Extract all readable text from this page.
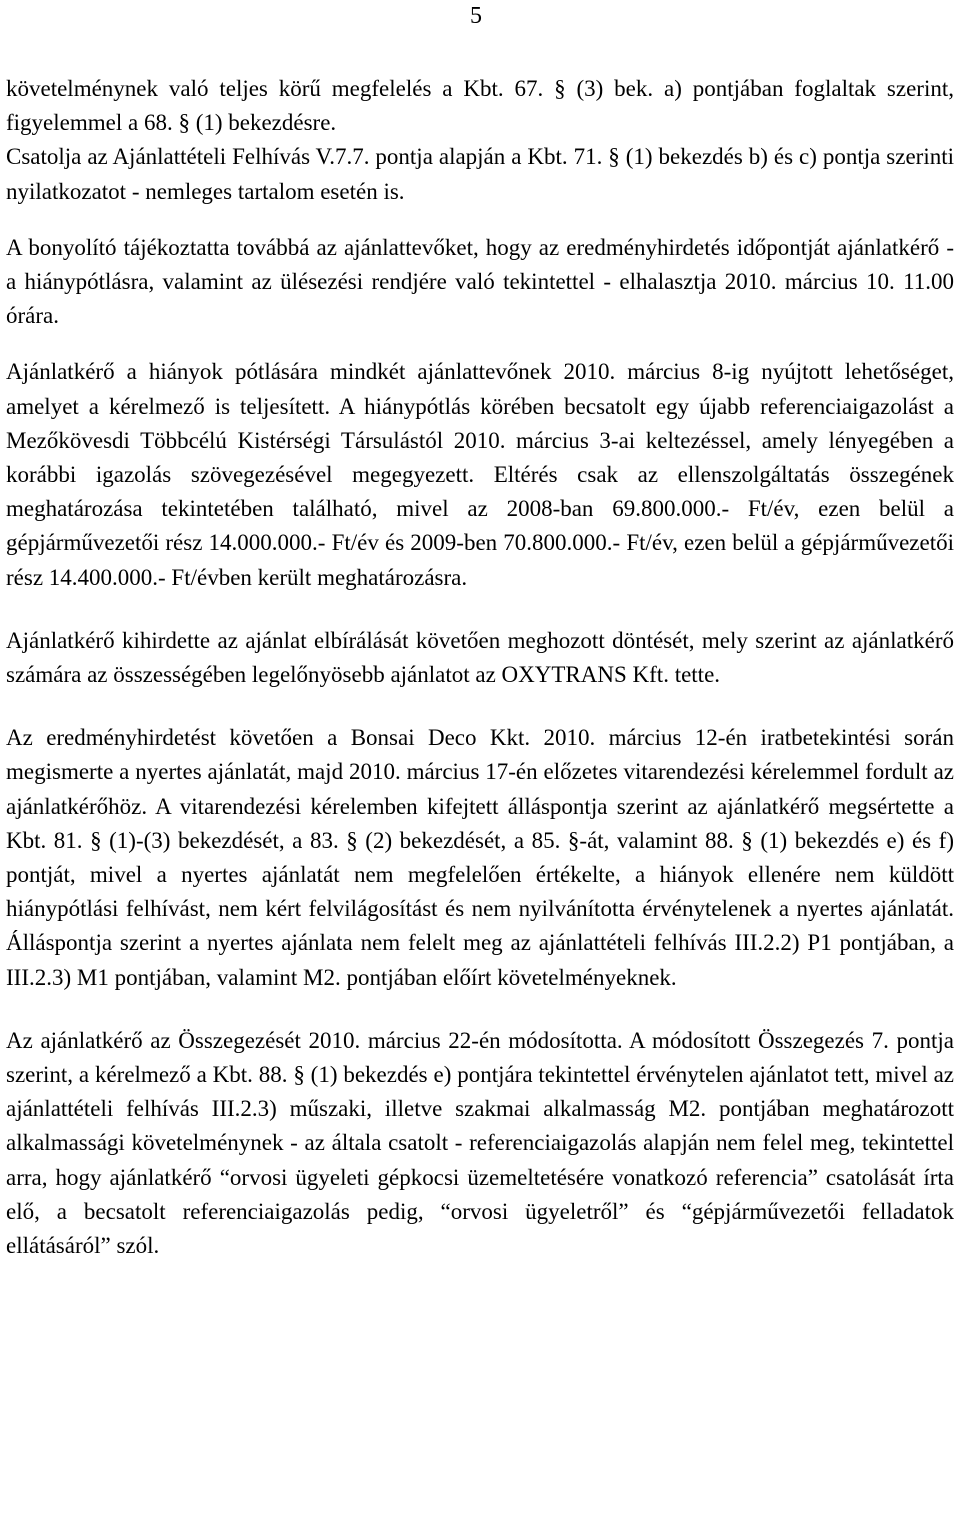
5

követelménynek való teljes körű megfelelés a Kbt. 67. § (3) bek. a) pontjában foglaltak szerint, figyelemmel a 68. § (1) bekezdésre.
Csatolja az Ajánlattételi Felhívás V.7.7. pontja alapján a Kbt. 71. § (1) bekezdés b) és c) pontja szerinti nyilatkozatot - nemleges tartalom esetén is.

A bonyolító tájékoztatta továbbá az ajánlattevőket, hogy az eredményhirdetés időpontját ajánlatkérő - a hiánypótlásra, valamint az ülésezési rendjére való tekintettel - elhalasztja 2010. március 10. 11.00 órára.

Ajánlatkérő a hiányok pótlására mindkét ajánlattevőnek 2010. március 8-ig nyújtott lehetőséget, amelyet a kérelmező is teljesített. A hiánypótlás körében becsatolt egy újabb referenciaigazolást a Mezőkövesdi Többcélú Kistérségi Társulástól 2010. március 3-ai keltezéssel, amely lényegében a korábbi igazolás szövegezésével megegyezett. Eltérés csak az ellenszolgáltatás összegének meghatározása tekintetében található, mivel az 2008-ban 69.800.000.- Ft/év, ezen belül a gépjárművezetői rész 14.000.000.- Ft/év és 2009-ben 70.800.000.- Ft/év, ezen belül a gépjárművezetői rész 14.400.000.- Ft/évben került meghatározásra.

Ajánlatkérő kihirdette az ajánlat elbírálását követően meghozott döntését, mely szerint az ajánlatkérő számára az összességében legelőnyösebb ajánlatot az OXYTRANS Kft. tette.

Az eredményhirdetést követően a Bonsai Deco Kkt. 2010. március 12-én iratbetekintési során megismerte a nyertes ajánlatát, majd 2010. március 17-én előzetes vitarendezési kérelemmel fordult az ajánlatkérőhöz. A vitarendezési kérelemben kifejtett álláspontja szerint az ajánlatkérő megsértette a Kbt. 81. § (1)-(3) bekezdését, a 83. § (2) bekezdését, a 85. §-át, valamint 88. § (1) bekezdés e) és f) pontját, mivel a nyertes ajánlatát nem megfelelően értékelte, a hiányok ellenére nem küldött hiánypótlási felhívást, nem kért felvilágosítást és nem nyilvánította érvénytelenek a nyertes ajánlatát. Álláspontja szerint a nyertes ajánlata nem felelt meg az ajánlattételi felhívás III.2.2) P1 pontjában, a III.2.3) M1 pontjában, valamint M2. pontjában előírt követelményeknek.

Az ajánlatkérő az Összegezését 2010. március 22-én módosította. A módosított Összegezés 7. pontja szerint, a kérelmező a Kbt. 88. § (1) bekezdés e) pontjára tekintettel érvénytelen ajánlatot tett, mivel az ajánlattételi felhívás III.2.3) műszaki, illetve szakmai alkalmasság M2. pontjában meghatározott alkalmassági követelménynek - az általa csatolt - referenciaigazolás alapján nem felel meg, tekintettel arra, hogy ajánlatkérő “orvosi ügyeleti gépkocsi üzemeltetésére vonatkozó referencia” csatolását írta elő, a becsatolt referenciaigazolás pedig, “orvosi ügyeletről” és “gépjárművezetői felladatok ellátásáról” szól.
